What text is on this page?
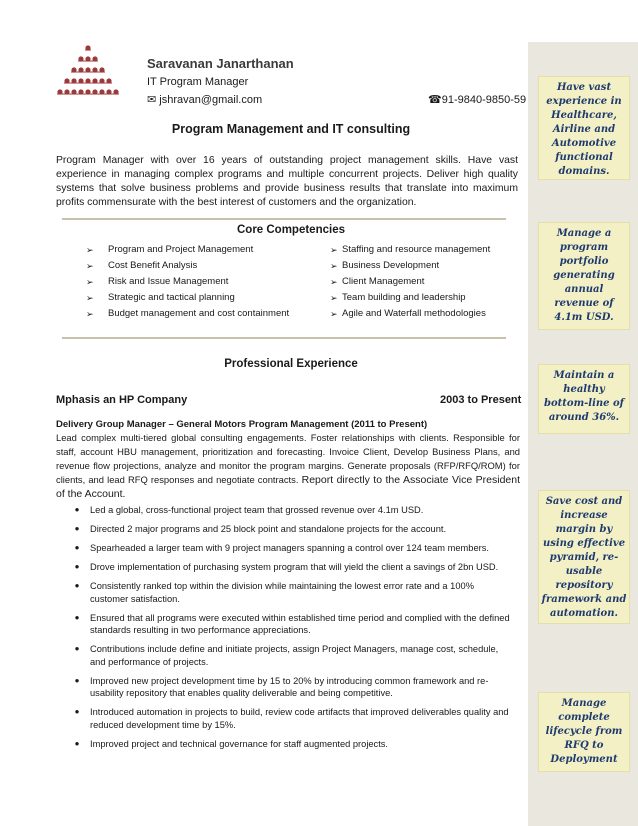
Saravanan Janarthanan
IT Program Manager
✉ jshravan@gmail.com	☎91-9840-9850-59
Program Management and IT consulting
Program Manager with over 16 years of outstanding project management skills. Have vast experience in managing complex programs and multiple concurrent projects. Deliver high quality systems that solve business problems and provide business results that translate into maximum profits commensurate with the best interest of customers and the organization.
Core Competencies
➢	Program and Project Management
➢	Cost Benefit Analysis
➢	Risk and Issue Management
➢	Strategic and tactical planning
➢	Budget management and cost containment
➢ Staffing and resource management
➢ Business Development
➢ Client Management
➢ Team building and leadership
➢ Agile and Waterfall methodologies
Professional Experience
Mphasis an HP Company	2003 to Present
Delivery Group Manager – General Motors Program Management (2011 to Present)
Lead complex multi-tiered global consulting engagements. Foster relationships with clients. Responsible for staff, account HBU management, prioritization and forecasting. Invoice Client, Develop Business Plans, and revenue flow projections, analyze and monitor the program margins. Generate proposals (RFP/RFQ/ROM) for clients, and lead RFQ responses and negotiate contracts. Report directly to the Associate Vice President of the Account.
●	Led a global, cross-functional project team that grossed revenue over 4.1m USD.
●	Directed 2 major programs and 25 block point and standalone projects for the account.
●	Spearheaded a larger team with 9 project managers spanning a control over 124 team members.
●	Drove implementation of purchasing system program that will yield the client a savings of 2bn USD.
●	Consistently ranked top within the division while maintaining the lowest error rate and a 100% customer satisfaction.
●	Ensured that all programs were executed within established time period and complied with the defined standards resulting in two performance appreciations.
●	Contributions include define and initiate projects, assign Project Managers, manage cost, schedule, and performance of projects.
●	Improved new project development time by 15 to 20% by introducing common framework and re-usability repository that enables quality deliverable and being competitive.
●	Introduced automation in projects to build, review code artifacts that improved deliverables quality and reduced development time by 15%.
●	Improved project and technical governance for staff augmented projects.
Have vast experience in Healthcare, Airline and Automotive functional domains.
Manage a program portfolio generating annual revenue of 4.1m USD.
Maintain a healthy bottom-line of around 36%.
Save cost and increase margin by using effective pyramid, re-usable repository framework and automation.
Manage complete lifecycle from RFQ to Deployment
